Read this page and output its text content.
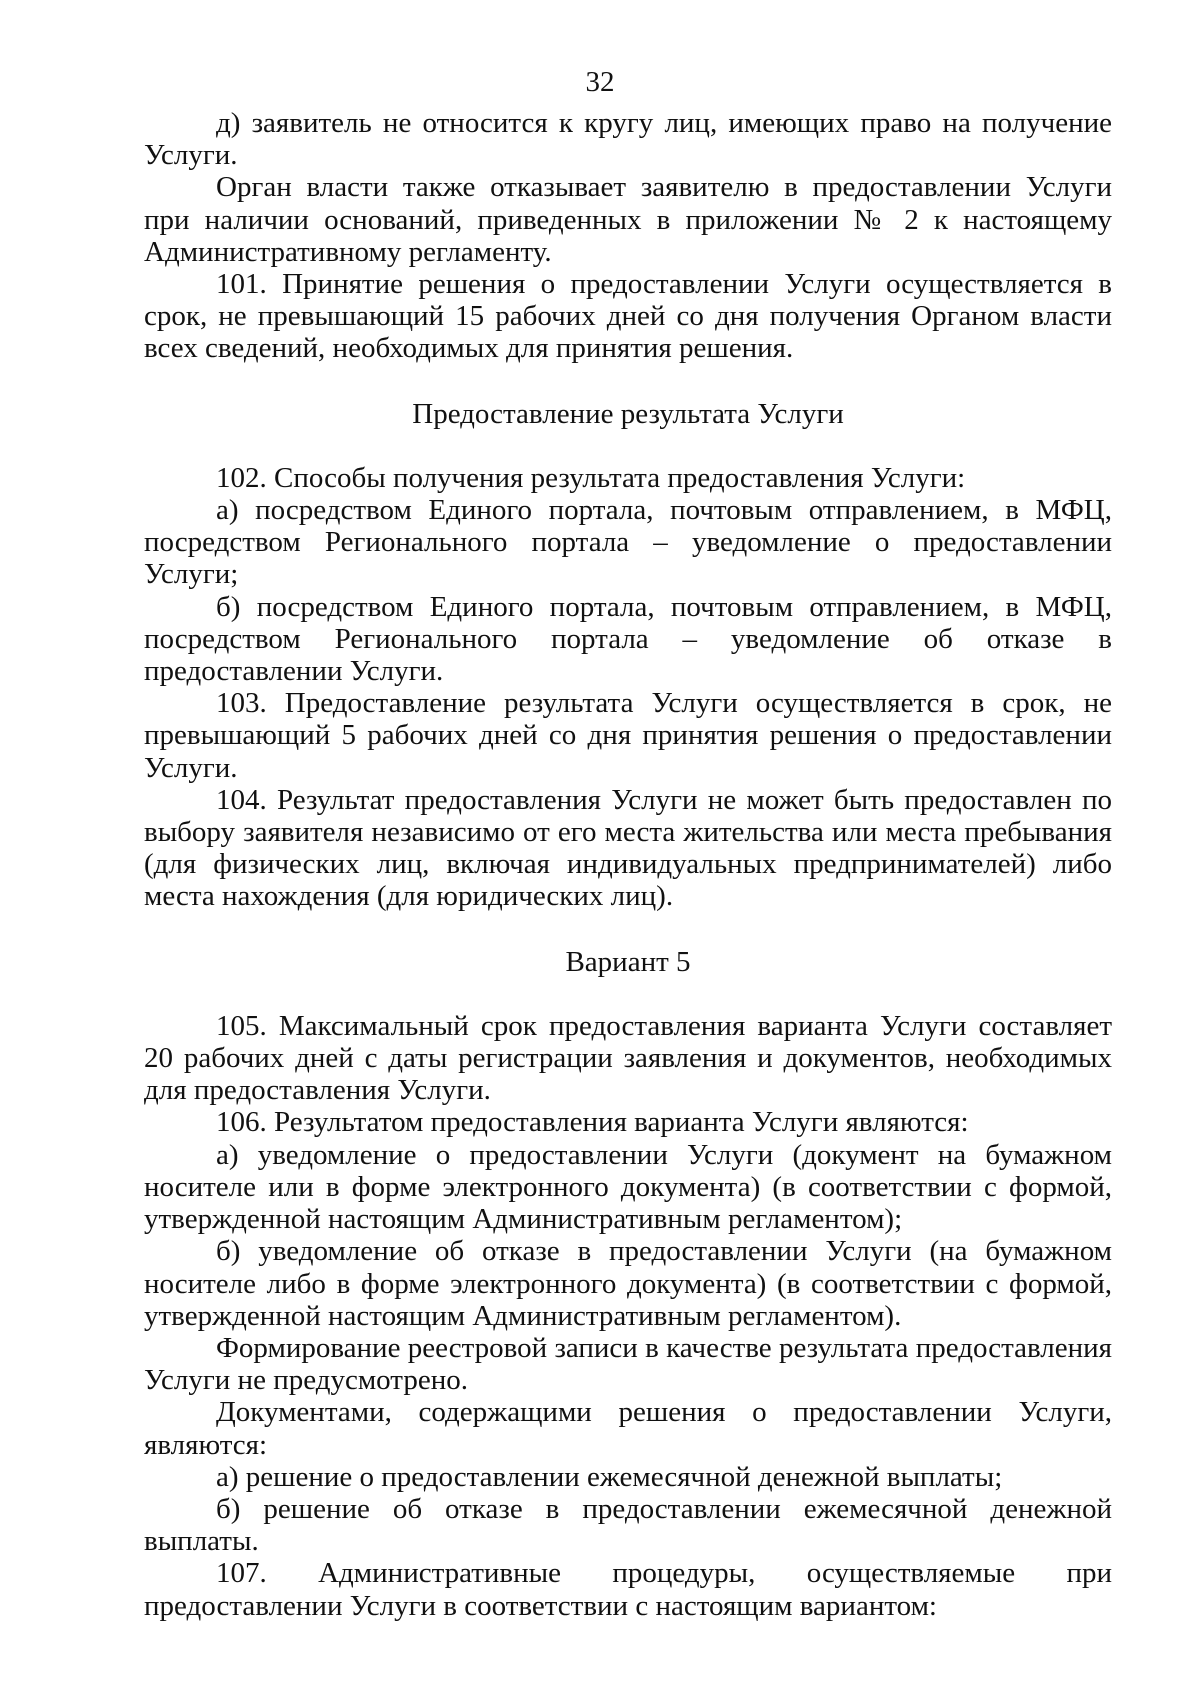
32

д) заявитель не относится к кругу лиц, имеющих право на получение Услуги.

Орган власти также отказывает заявителю в предоставлении Услуги при наличии оснований, приведенных в приложении № 2 к настоящему Административному регламенту.

101. Принятие решения о предоставлении Услуги осуществляется в срок, не превышающий 15 рабочих дней со дня получения Органом власти всех сведений, необходимых для принятия решения.

Предоставление результата Услуги

102. Способы получения результата предоставления Услуги:

а) посредством Единого портала, почтовым отправлением, в МФЦ, посредством Регионального портала – уведомление о предоставлении Услуги;

б) посредством Единого портала, почтовым отправлением, в МФЦ, посредством Регионального портала – уведомление об отказе в предоставлении Услуги.

103. Предоставление результата Услуги осуществляется в срок, не превышающий 5 рабочих дней со дня принятия решения о предоставлении Услуги.

104. Результат предоставления Услуги не может быть предоставлен по выбору заявителя независимо от его места жительства или места пребывания (для физических лиц, включая индивидуальных предпринимателей) либо места нахождения (для юридических лиц).

Вариант 5

105. Максимальный срок предоставления варианта Услуги составляет 20 рабочих дней с даты регистрации заявления и документов, необходимых для предоставления Услуги.

106. Результатом предоставления варианта Услуги являются:

а) уведомление о предоставлении Услуги (документ на бумажном носителе или в форме электронного документа) (в соответствии с формой, утвержденной настоящим Административным регламентом);

б) уведомление об отказе в предоставлении Услуги (на бумажном носителе либо в форме электронного документа) (в соответствии с формой, утвержденной настоящим Административным регламентом).

Формирование реестровой записи в качестве результата предоставления Услуги не предусмотрено.

Документами, содержащими решения о предоставлении Услуги, являются:

а) решение о предоставлении ежемесячной денежной выплаты;

б) решение об отказе в предоставлении ежемесячной денежной выплаты.

107. Административные процедуры, осуществляемые при предоставлении Услуги в соответствии с настоящим вариантом:
